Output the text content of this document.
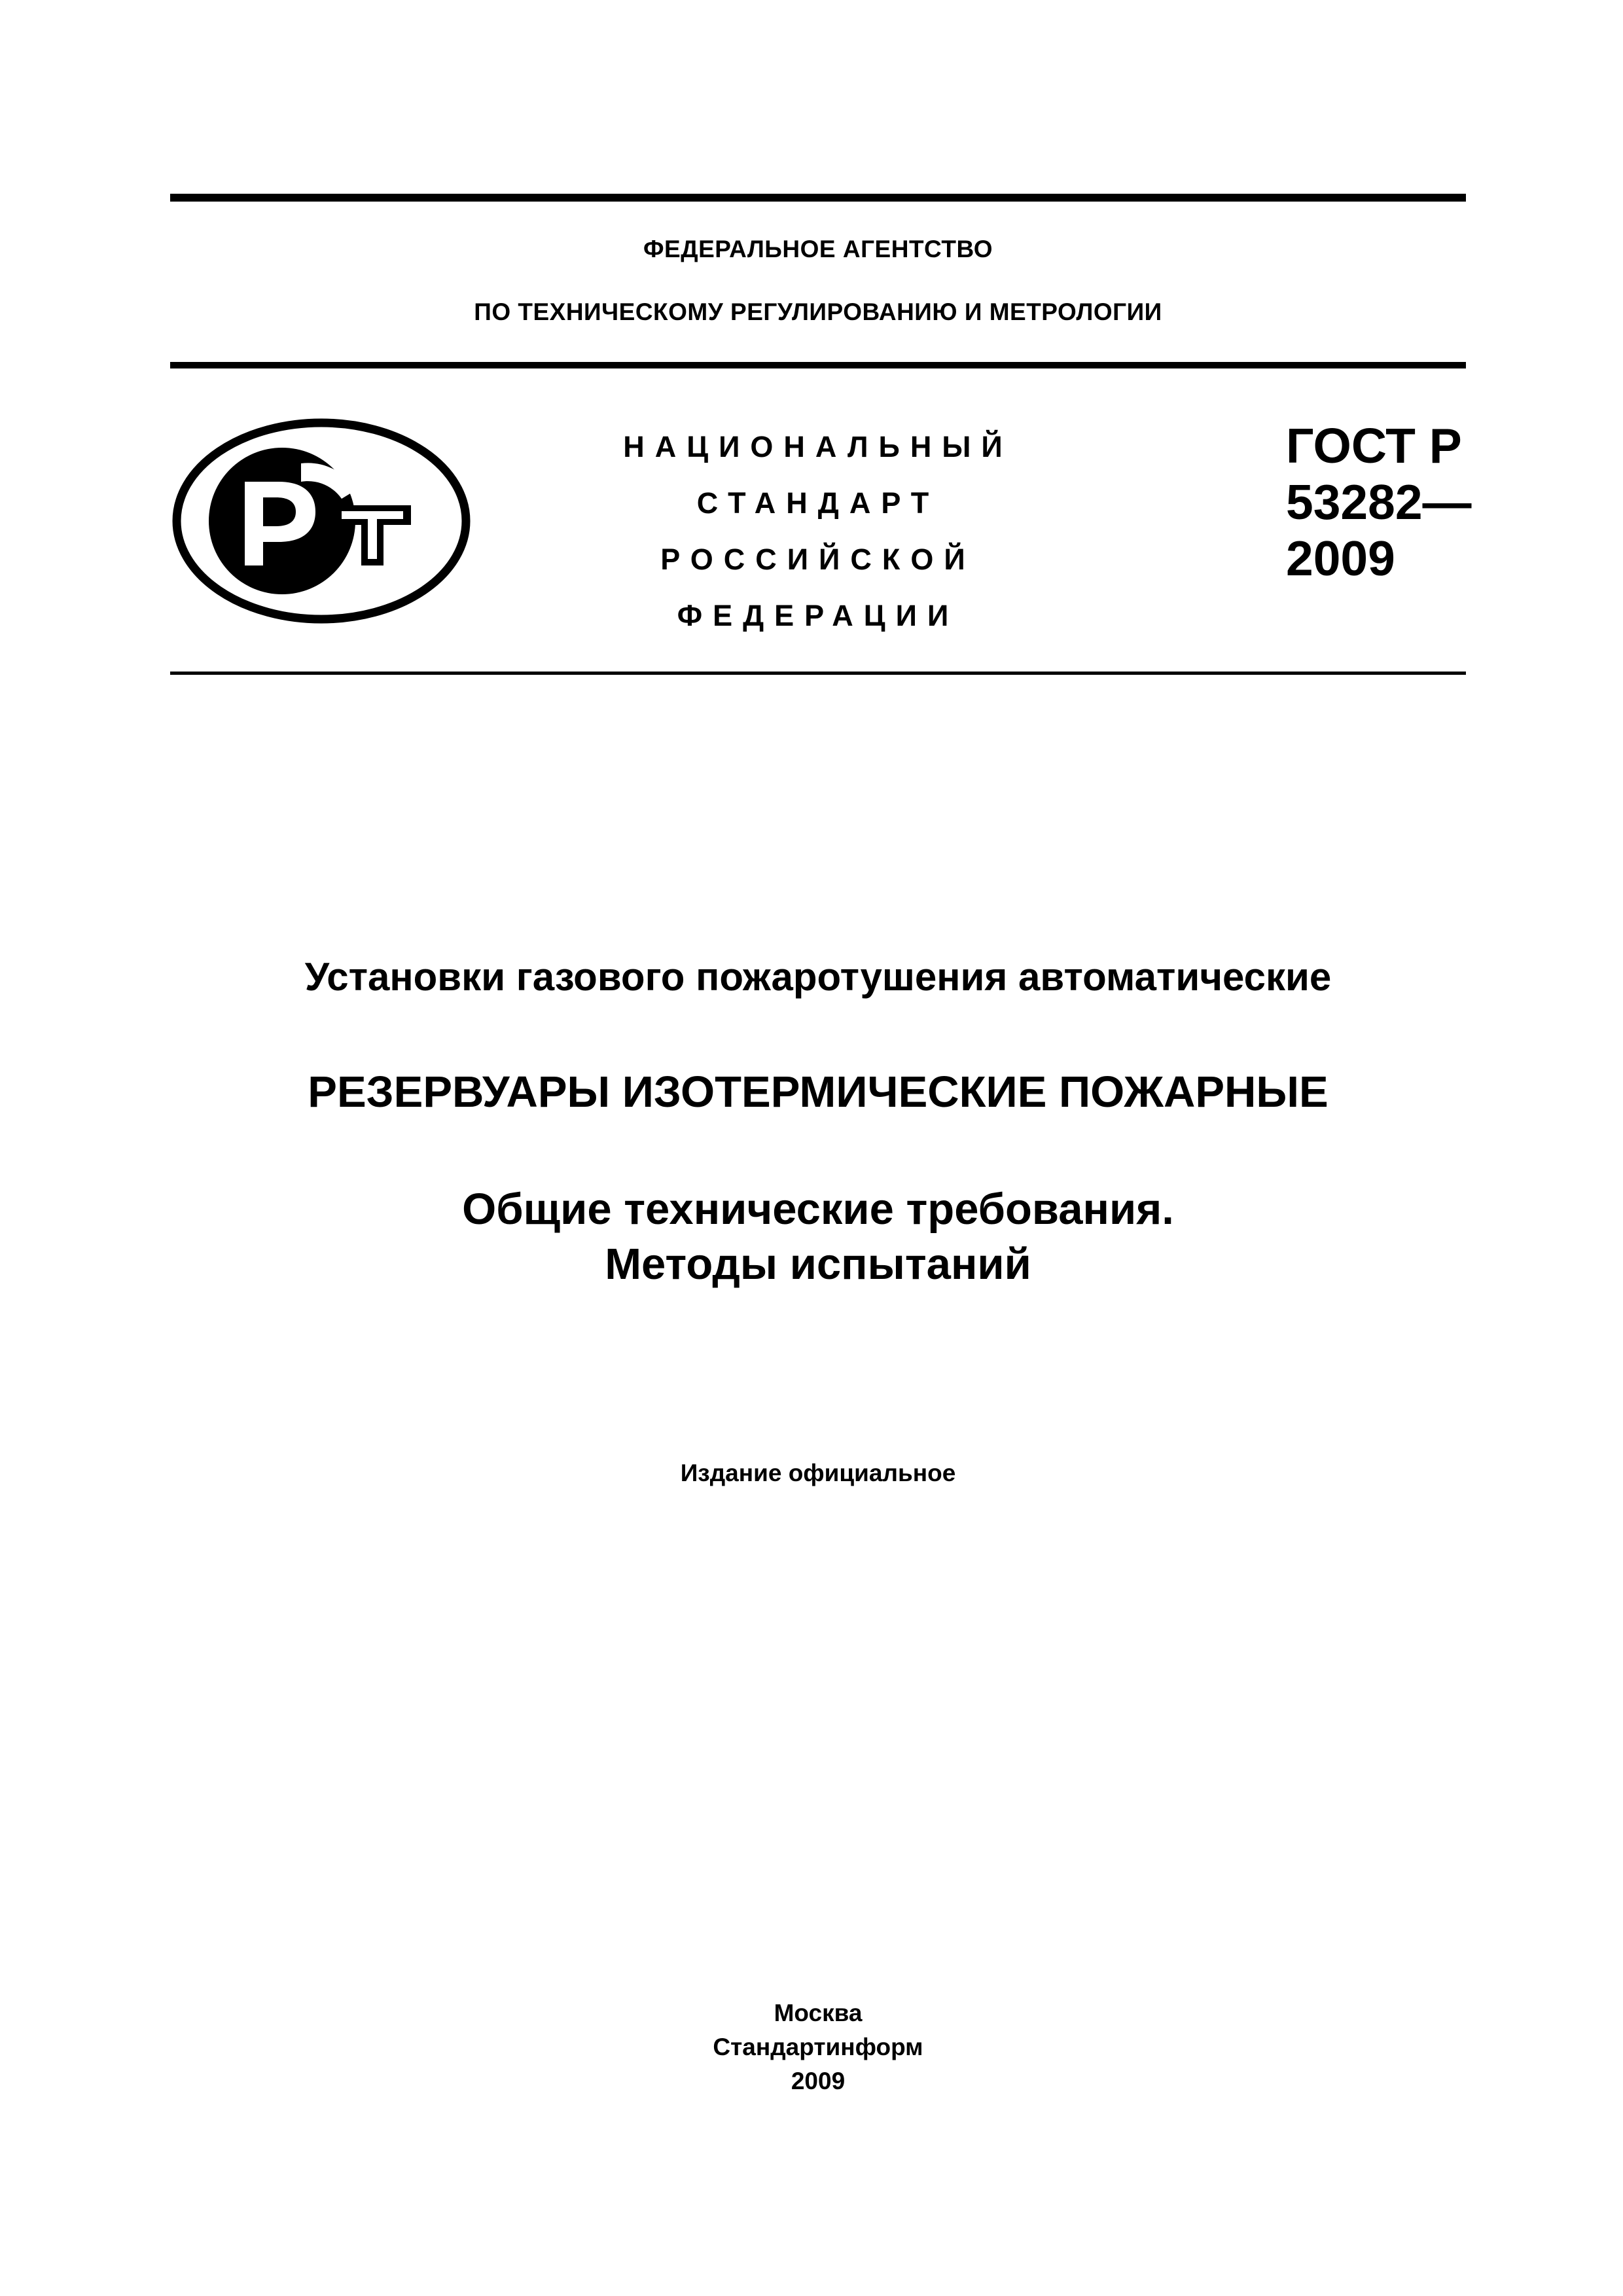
ФЕДЕРАЛЬНОЕ АГЕНТСТВО
ПО ТЕХНИЧЕСКОМУ РЕГУЛИРОВАНИЮ И МЕТРОЛОГИИ
НАЦИОНАЛЬНЫЙ
СТАНДАРТ
РОССИЙСКОЙ
ФЕДЕРАЦИИ
ГОСТ Р
53282—
2009
Установки газового пожаротушения автоматические
РЕЗЕРВУАРЫ ИЗОТЕРМИЧЕСКИЕ ПОЖАРНЫЕ
Общие технические требования.
Методы испытаний
Издание официальное
Москва
Стандартинформ
2009
